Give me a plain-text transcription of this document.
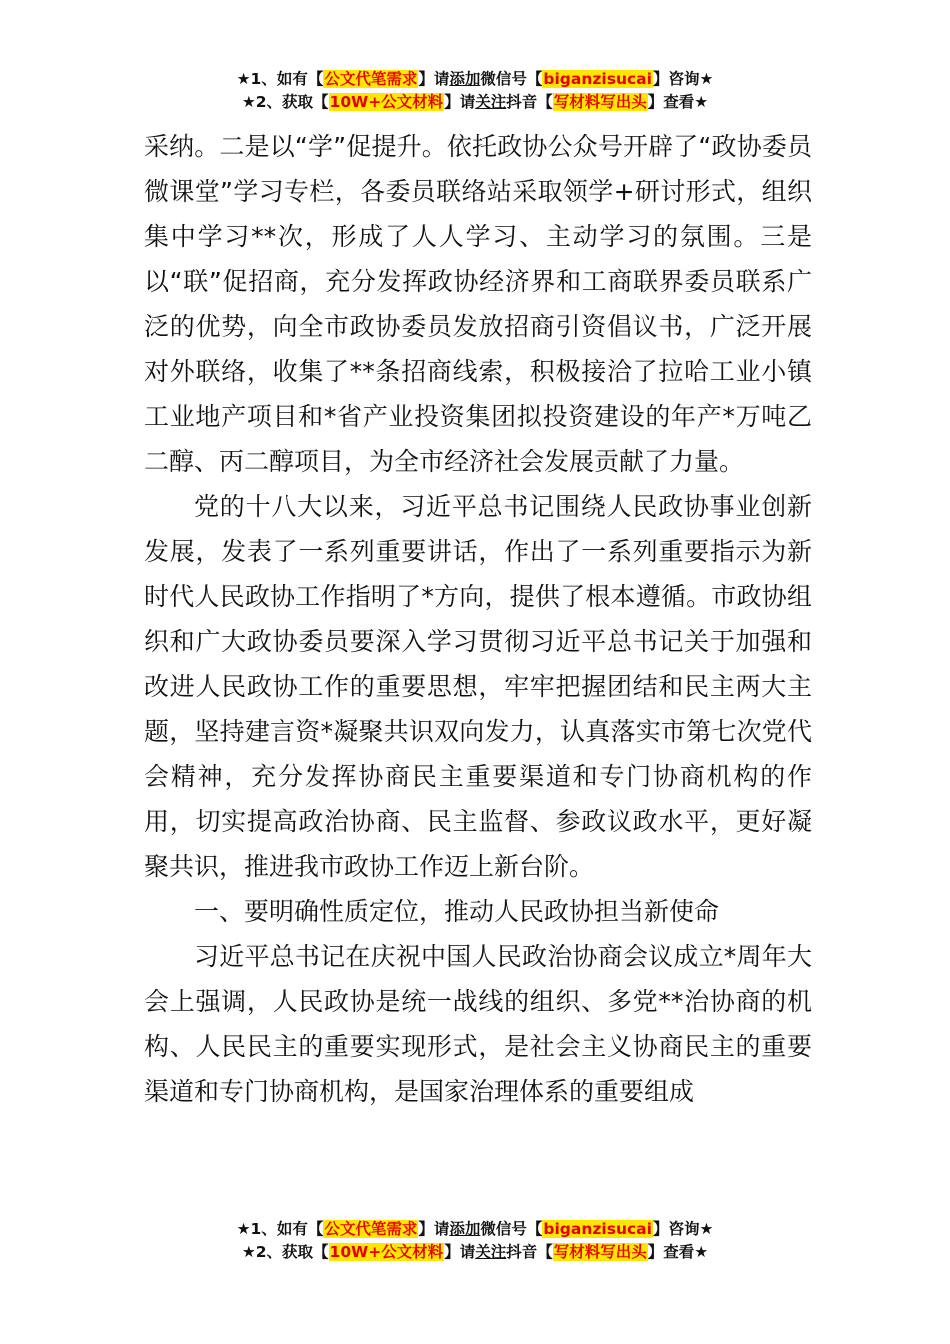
★1、如有【公文代笔需求】请添加微信号【biganzisucai】咨询★
★2、获取【10W+公文材料】请关注抖音【写材料写出头】查看★

采纳。二是以“学”促提升。依托政协公众号开辟了“政协委员微课堂”学习专栏，各委员联络站采取领学+研讨形式，组织集中学习**次，形成了人人学习、主动学习的氛围。三是以“联”促招商，充分发挥政协经济界和工商联界委员联系广泛的优势，向全市政协委员发放招商引资倡议书，广泛开展对外联络，收集了**条招商线索，积极接洽了拉哈工业小镇工业地产项目和*省产业投资集团拟投资建设的年产*万吨乙二醇、丙二醇项目，为全市经济社会发展贡献了力量。

党的十八大以来，习近平总书记围绕人民政协事业创新发展，发表了一系列重要讲话，作出了一系列重要指示为新时代人民政协工作指明了*方向，提供了根本遵循。市政协组织和广大政协委员要深入学习贯彻习近平总书记关于加强和改进人民政协工作的重要思想，牢牢把握团结和民主两大主题，坚持建言资*凝聚共识双向发力，认真落实市第七次党代会精神，充分发挥协商民主重要渠道和专门协商机构的作用，切实提高政治协商、民主监督、参政议政水平，更好凝聚共识，推进我市政协工作迈上新台阶。

一、要明确性质定位，推动人民政协担当新使命

习近平总书记在庆祝中国人民政治协商会议成立*周年大会上强调，人民政协是统一战线的组织、多党**治协商的机构、人民民主的重要实现形式，是社会主义协商民主的重要渠道和专门协商机构，是国家治理体系的重要组成

★1、如有【公文代笔需求】请添加微信号【biganzisucai】咨询★
★2、获取【10W+公文材料】请关注抖音【写材料写出头】查看★
